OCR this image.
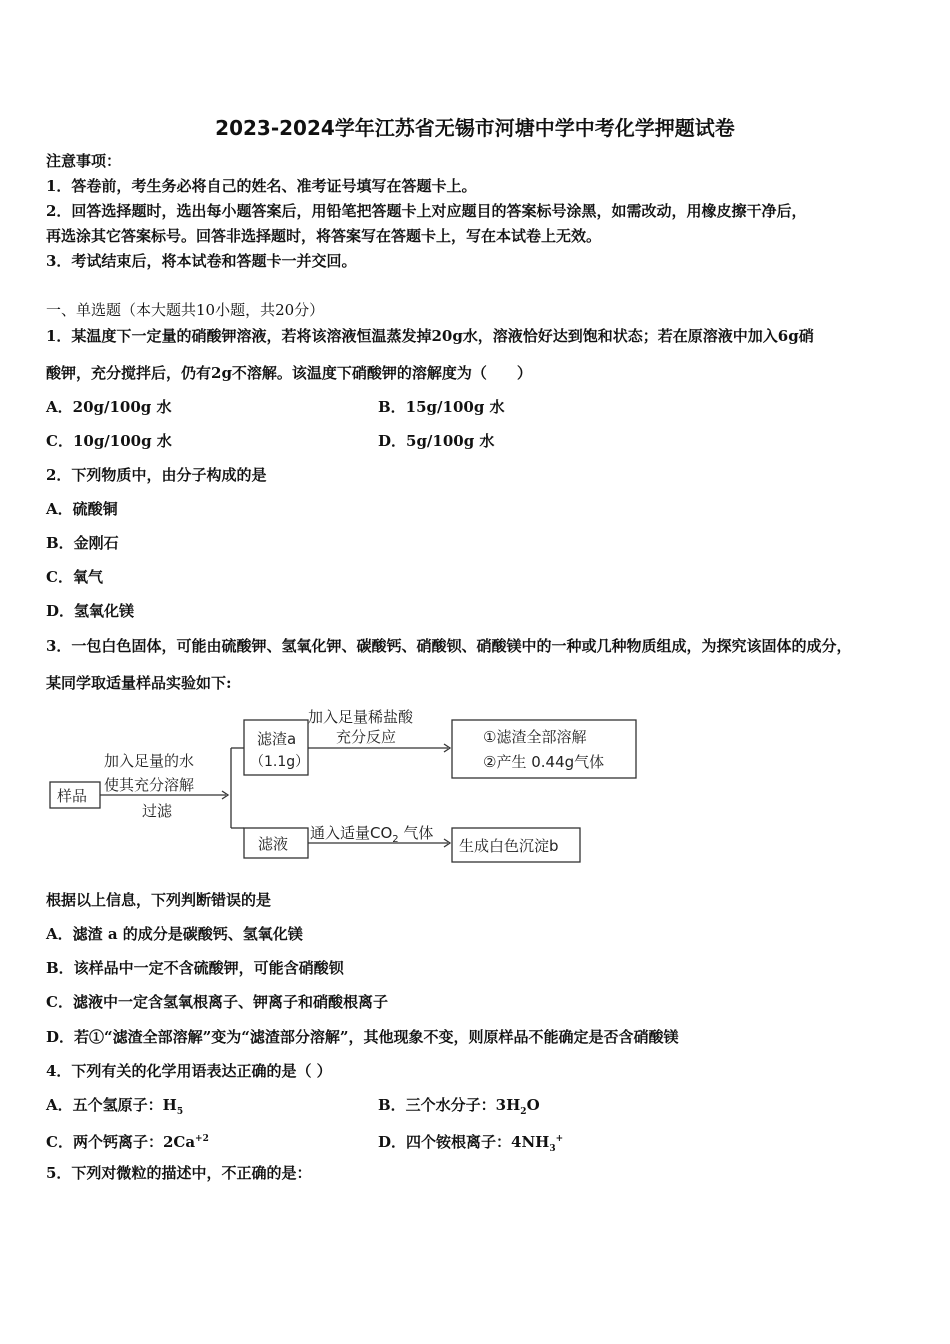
2023-2024学年江苏省无锡市河塘中学中考化学押题试卷
注意事项：
1．答卷前，考生务必将自己的姓名、准考证号填写在答题卡上。
2．回答选择题时，选出每小题答案后，用铅笔把答题卡上对应题目的答案标号涂黑，如需改动，用橡皮擦干净后，
再选涂其它答案标号。回答非选择题时，将答案写在答题卡上，写在本试卷上无效。
3．考试结束后，将本试卷和答题卡一并交回。
一、单选题（本大题共10小题，共20分）
1．某温度下一定量的硝酸钾溶液，若将该溶液恒温蒸发掉20g水，溶液恰好达到饱和状态；若在原溶液中加入6g硝
酸钾，充分搅拌后，仍有2g不溶解。该温度下硝酸钾的溶解度为（　　）
A．20g/100g 水	B．15g/100g 水
C．10g/100g 水	D．5g/100g 水
2．下列物质中，由分子构成的是
A．硫酸铜
B．金刚石
C．氧气
D．氢氧化镁
3．一包白色固体，可能由硫酸钾、氢氧化钾、碳酸钙、硝酸钡、硝酸镁中的一种或几种物质组成，为探究该固体的成分，
某同学取适量样品实验如下:
样品
加入足量的水
使其充分溶解
过滤
滤渣a
（1.1g）
加入足量稀盐酸
充分反应	①滤渣全部溶解
②产生 0.44g气体
滤液
通入适量$CO_2$ 气体
生成白色沉淀b
根据以上信息，下列判断错误的是
A．滤渣 a 的成分是碳酸钙、氢氧化镁
B．该样品中一定不含硫酸钾，可能含硝酸钡
C．滤液中一定含氢氧根离子、钾离子和硝酸根离子
D．若①“滤渣全部溶解”变为“滤渣部分溶解”，其他现象不变，则原样品不能确定是否含硝酸镁
4．下列有关的化学用语表达正确的是（ ）
A．五个氢原子：$H_5$	B．三个水分子：$3H_2O$
C．两个钙离子：$2Ca^{+2}$	D．四个铵根离子：$4NH_3^+$
5．下列对微粒的描述中，不正确的是：
